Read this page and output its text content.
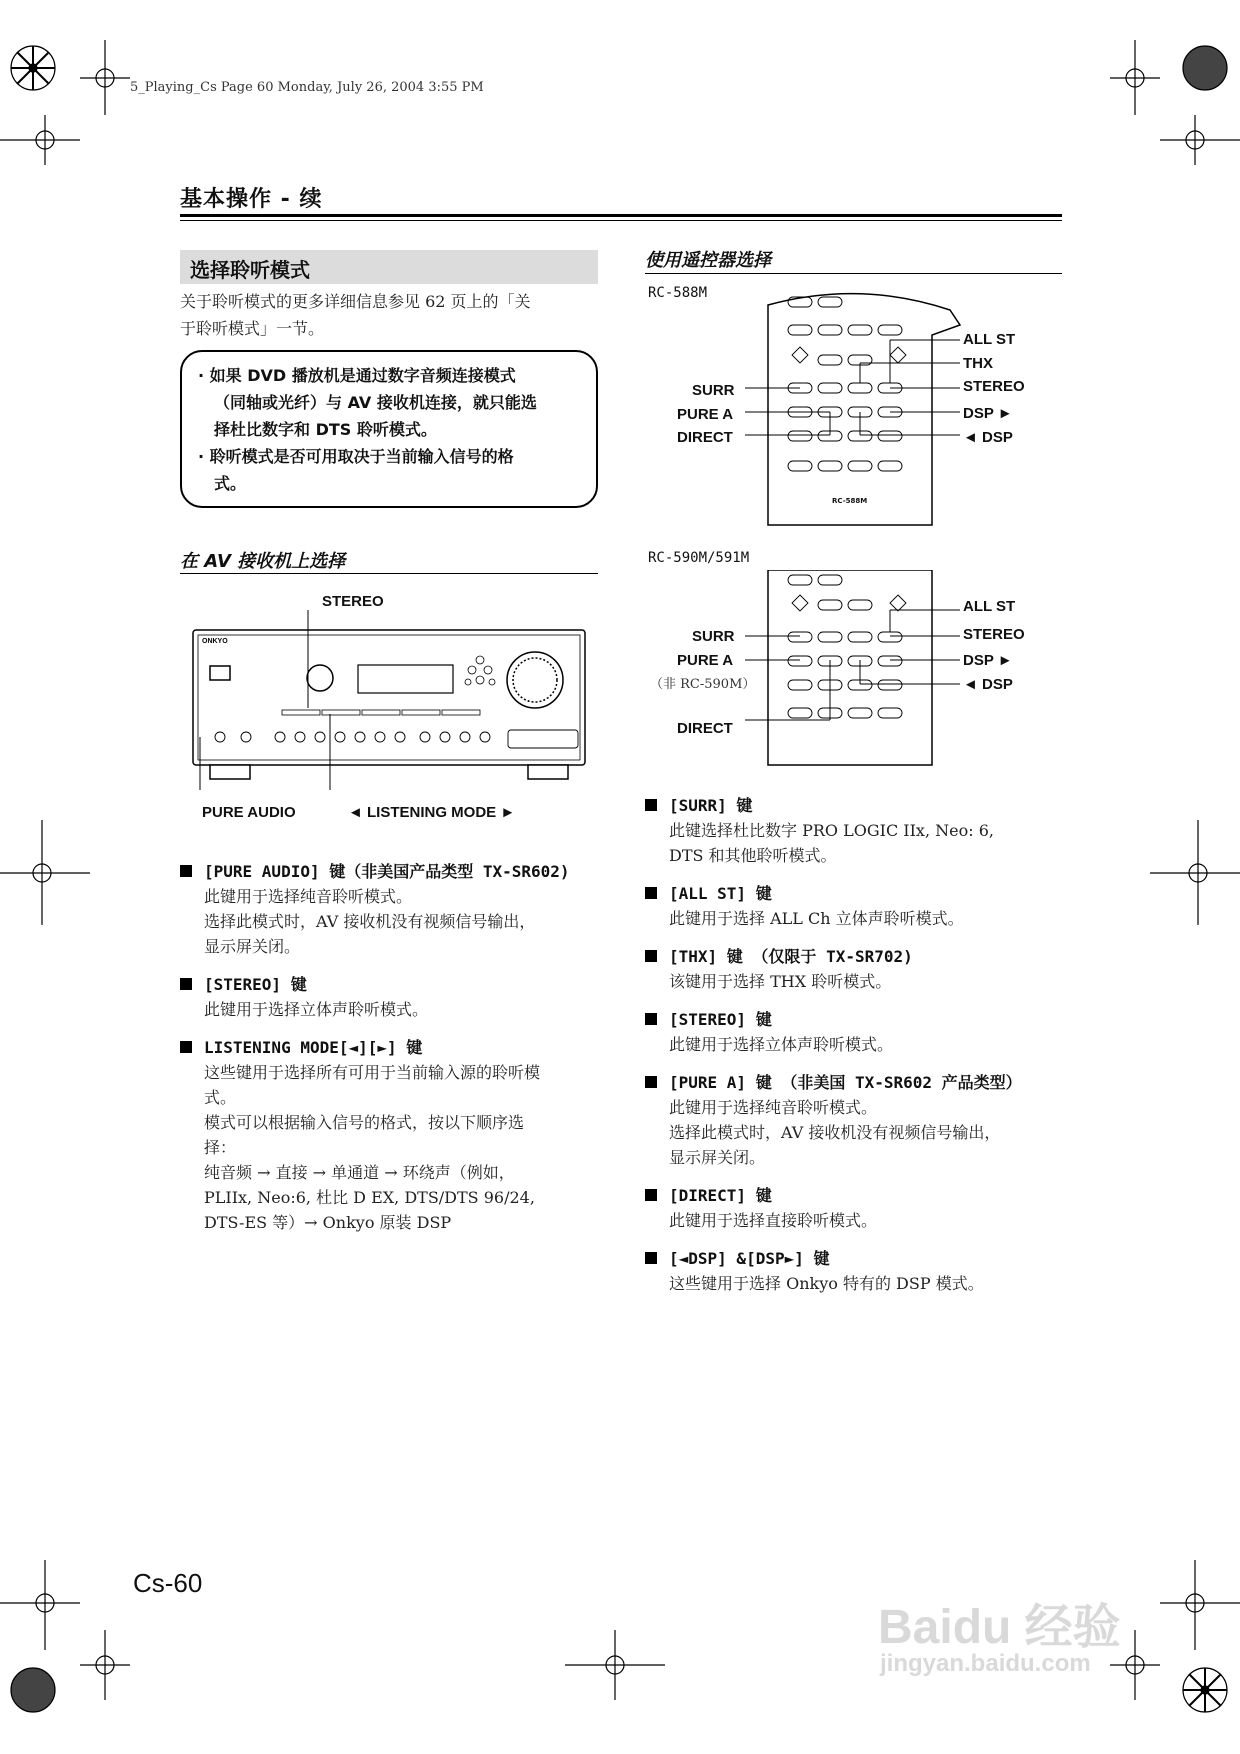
5_Playing_Cs Page 60 Monday, July 26, 2004 3:55 PM
基本操作 - 续
选择聆听模式
关于聆听模式的更多详细信息参见 62 页上的「关
于聆听模式」一节。
· 如果 DVD 播放机是通过数字音频连接模式
（同轴或光纤）与 AV 接收机连接，就只能选
择杜比数字和 DTS 聆听模式。
· 聆听模式是否可用取决于当前输入信号的格
式。
在 AV 接收机上选择
STEREO
ONKYO
PURE AUDIO	◄ LISTENING MODE ►
[PURE AUDIO] 键（非美国产品类型 TX-SR602)
此键用于选择纯音聆听模式。
选择此模式时，AV 接收机没有视频信号输出，
显示屏关闭。
[STEREO] 键
此键用于选择立体声聆听模式。
LISTENING MODE[◄][►] 键
这些键用于选择所有可用于当前输入源的聆听模
式。
模式可以根据输入信号的格式，按以下顺序选
择：
纯音频 → 直接 → 单通道 → 环绕声（例如，
PLIIx, Neo:6, 杜比 D EX, DTS/DTS 96/24,
DTS-ES 等）→ Onkyo 原装 DSP
使用遥控器选择
RC-588M
SURR
PURE A
DIRECT
ALL ST
THX
STEREO
DSP ►
◄ DSP
RC-588M
RC-590M/591M
SURR
PURE A
（非 RC-590M）
DIRECT
ALL ST
STEREO
DSP ►
◄ DSP
[SURR] 键
此键选择杜比数字 PRO LOGIC IIx, Neo: 6,
DTS 和其他聆听模式。
[ALL ST] 键
此键用于选择 ALL Ch 立体声聆听模式。
[THX] 键 （仅限于 TX-SR702)
该键用于选择 THX 聆听模式。
[STEREO] 键
此键用于选择立体声聆听模式。
[PURE A] 键 （非美国 TX-SR602 产品类型）
此键用于选择纯音聆听模式。
选择此模式时，AV 接收机没有视频信号输出，
显示屏关闭。
[DIRECT] 键
此键用于选择直接聆听模式。
[◄DSP] &[DSP►] 键
这些键用于选择 Onkyo 特有的 DSP 模式。
Cs-60
Baidu 经验
jingyan.baidu.com
